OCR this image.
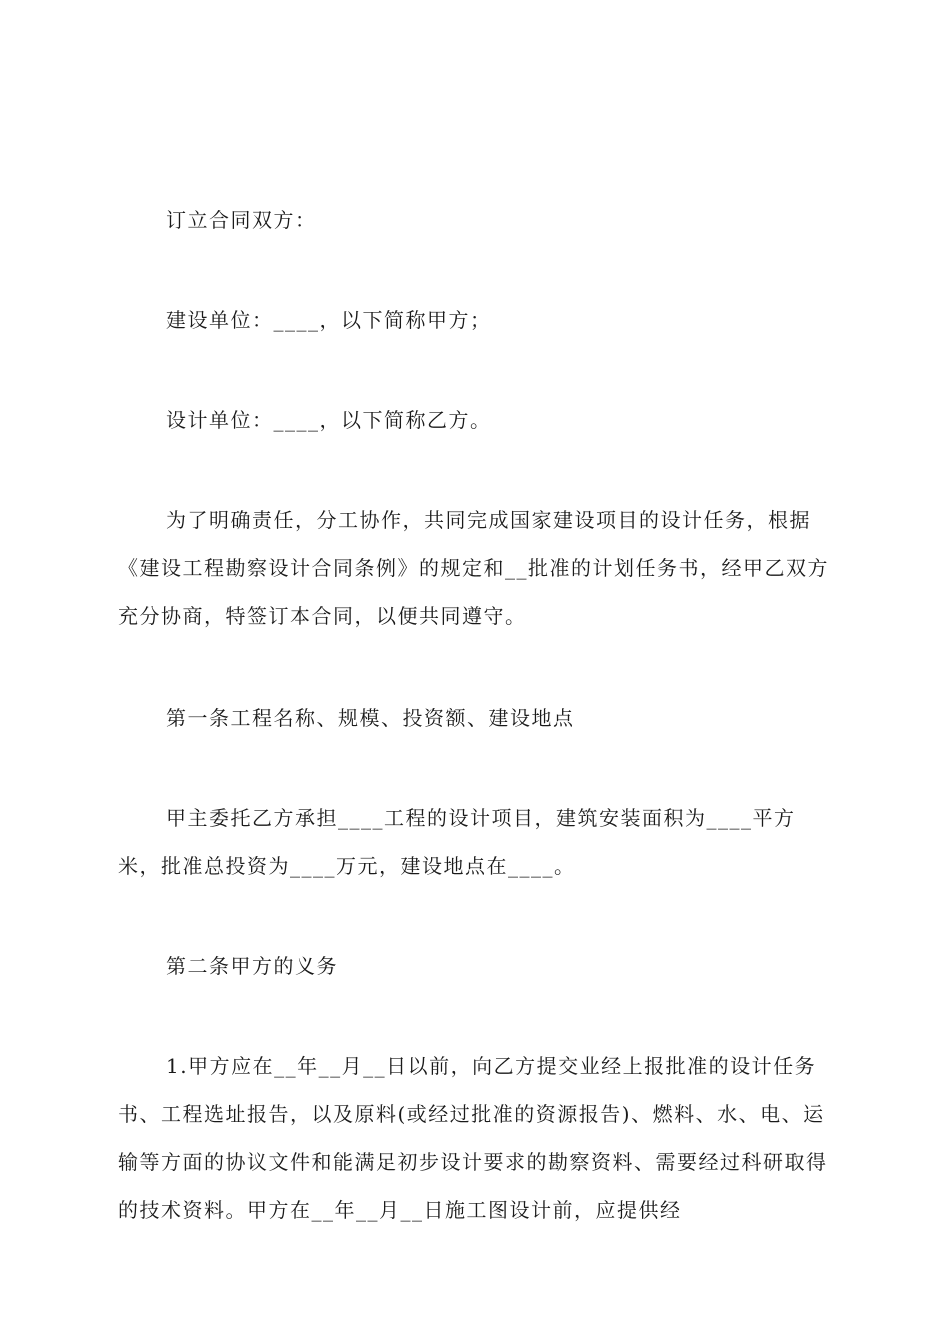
订立合同双方：

建设单位：____，以下简称甲方；

设计单位：____，以下简称乙方。

为了明确责任，分工协作，共同完成国家建设项目的设计任务，根据《建设工程勘察设计合同条例》的规定和__批准的计划任务书，经甲乙双方充分协商，特签订本合同，以便共同遵守。

第一条工程名称、规模、投资额、建设地点

甲主委托乙方承担____工程的设计项目，建筑安装面积为____平方米，批准总投资为____万元，建设地点在____。

第二条甲方的义务

1.甲方应在__年__月__日以前，向乙方提交业经上报批准的设计任务书、工程选址报告，以及原料(或经过批准的资源报告)、燃料、水、电、运输等方面的协议文件和能满足初步设计要求的勘察资料、需要经过科研取得的技术资料。甲方在__年__月__日施工图设计前，应提供经
